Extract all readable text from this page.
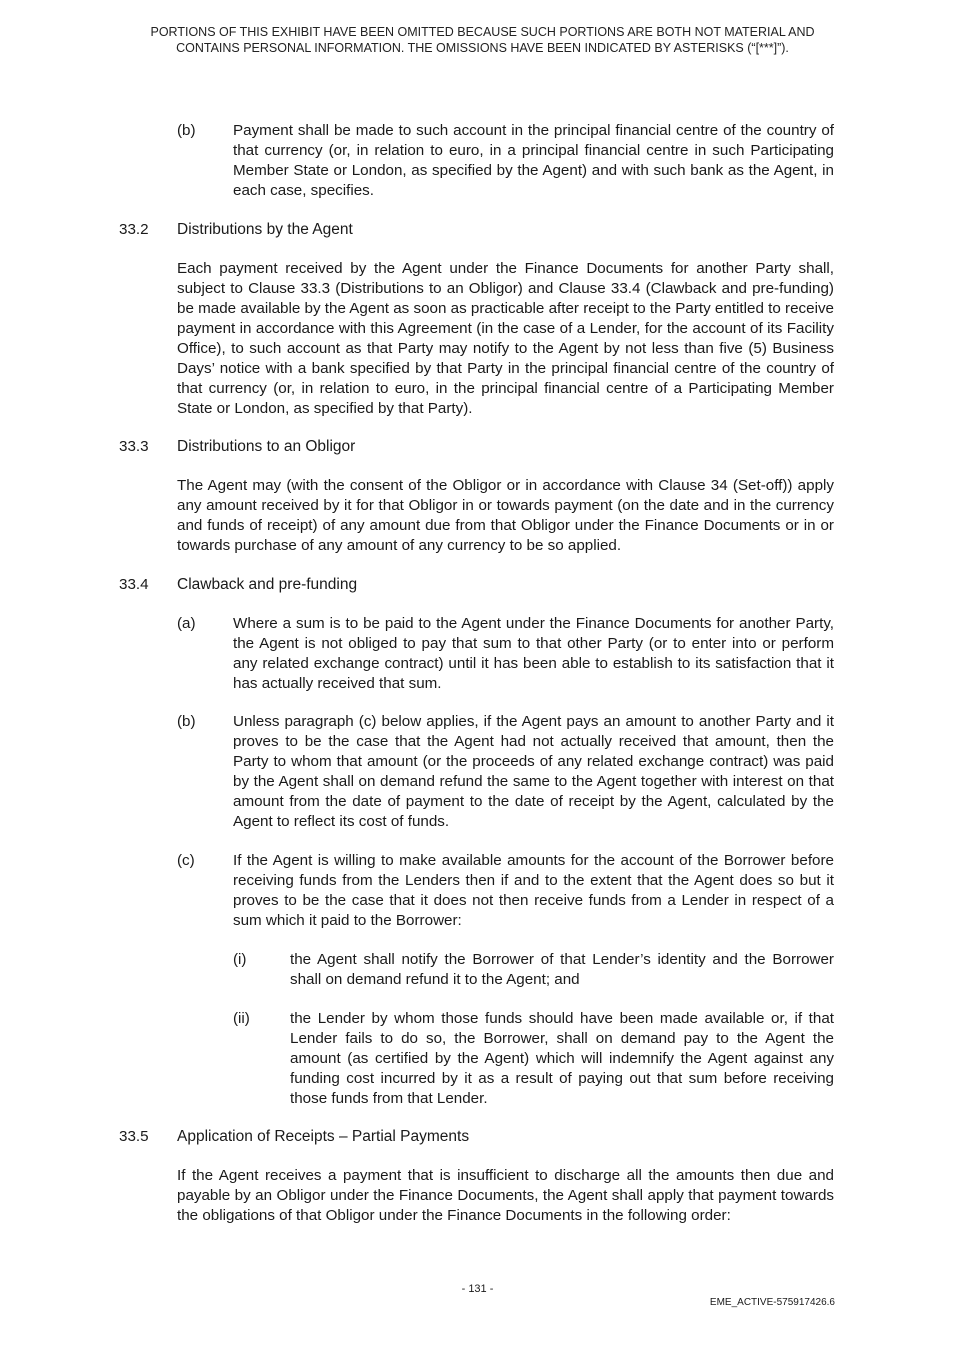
PORTIONS OF THIS EXHIBIT HAVE BEEN OMITTED BECAUSE SUCH PORTIONS ARE BOTH NOT MATERIAL AND CONTAINS PERSONAL INFORMATION. THE OMISSIONS HAVE BEEN INDICATED BY ASTERISKS (“[***]”).
(b) Payment shall be made to such account in the principal financial centre of the country of that currency (or, in relation to euro, in a principal financial centre in such Participating Member State or London, as specified by the Agent) and with such bank as the Agent, in each case, specifies.
33.2 Distributions by the Agent
Each payment received by the Agent under the Finance Documents for another Party shall, subject to Clause 33.3 (Distributions to an Obligor) and Clause 33.4 (Clawback and pre-funding) be made available by the Agent as soon as practicable after receipt to the Party entitled to receive payment in accordance with this Agreement (in the case of a Lender, for the account of its Facility Office), to such account as that Party may notify to the Agent by not less than five (5) Business Days’ notice with a bank specified by that Party in the principal financial centre of the country of that currency (or, in relation to euro, in the principal financial centre of a Participating Member State or London, as specified by that Party).
33.3 Distributions to an Obligor
The Agent may (with the consent of the Obligor or in accordance with Clause 34 (Set-off)) apply any amount received by it for that Obligor in or towards payment (on the date and in the currency and funds of receipt) of any amount due from that Obligor under the Finance Documents or in or towards purchase of any amount of any currency to be so applied.
33.4 Clawback and pre-funding
(a) Where a sum is to be paid to the Agent under the Finance Documents for another Party, the Agent is not obliged to pay that sum to that other Party (or to enter into or perform any related exchange contract) until it has been able to establish to its satisfaction that it has actually received that sum.
(b) Unless paragraph (c) below applies, if the Agent pays an amount to another Party and it proves to be the case that the Agent had not actually received that amount, then the Party to whom that amount (or the proceeds of any related exchange contract) was paid by the Agent shall on demand refund the same to the Agent together with interest on that amount from the date of payment to the date of receipt by the Agent, calculated by the Agent to reflect its cost of funds.
(c)	If the Agent is willing to make available amounts for the account of the Borrower before receiving funds from the Lenders then if and to the extent that the Agent does so but it proves to be the case that it does not then receive funds from a Lender in respect of a sum which it paid to the Borrower:
(i)	the Agent shall notify the Borrower of that Lender’s identity and the Borrower shall on demand refund it to the Agent; and
(ii)	the Lender by whom those funds should have been made available or, if that Lender fails to do so, the Borrower, shall on demand pay to the Agent the amount (as certified by the Agent) which will indemnify the Agent against any funding cost incurred by it as a result of paying out that sum before receiving those funds from that Lender.
33.5 Application of Receipts – Partial Payments
If the Agent receives a payment that is insufficient to discharge all the amounts then due and payable by an Obligor under the Finance Documents, the Agent shall apply that payment towards the obligations of that Obligor under the Finance Documents in the following order:
- 131 -
EME_ACTIVE-575917426.6
